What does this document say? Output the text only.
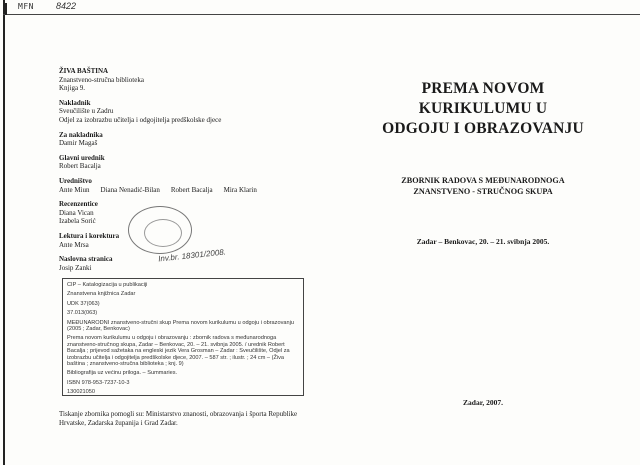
MFN 8422
ŽIVA BAŠTINA
Znanstveno-stručna biblioteka
Knjiga 9.
Nakladnik
Sveučilište u Zadru
Odjel za izobrazbu učitelja i odgojitelja predškolske djece
Za nakladnika
Damir Magaš
Glavni urednik
Robert Bacalja
Uredništvo
Ante Miun Diana Nenadić-Bilan Robert Bacalja Mira Klarin
Recenzentice
Diana Vican
Izabela Sorić
Lektura i korektura
Ante Mrsa
Naslovna stranica
Josip Zanki
Inv.br. 18301/2008.

CIP – Katalogizacija u publikaciji

Znanstvena knjižnica Zadar

UDK 37(063)

37.013(063)

MEĐUNARODNI znanstveno-stručni skup Prema novom kurikulumu u odgoju i obrazovanju (2005 ; Zadar, Benkovac)

Prema novom kurikulumu u odgoju i obrazovanju : zbornik radova s međunarodnoga znanstveno-stručnog skupa, Zadar – Benkovac, 20. – 21. svibnja 2005. / urednik Robert Bacalja ; prijevod sažetaka na engleski jezik Vera Grosman – Zadar : Sveučilište, Odjel za izobrazbu učitelja i odgojitelja predškolske djece, 2007. – 587 str. ; ilustr. ; 24 cm – (Živa baština ; znanstveno-stručna biblioteka ; knj. 9)

Bibliografija uz većinu priloga. – Summaries.

ISBN 978-953-7237-10-3

130021050

Tiskanje zbornika pomogli su: Ministarstvo znanosti, obrazovanja i športa Republike Hrvatske, Zadarska županija i Grad Zadar.
PREMA NOVOM
KURIKULUMU U
ODGOJU I OBRAZOVANJU
ZBORNIK RADOVA S MEĐUNARODNOGA
ZNANSTVENO - STRUČNOG SKUPA
Zadar – Benkovac, 20. – 21. svibnja 2005.
Zadar, 2007.
